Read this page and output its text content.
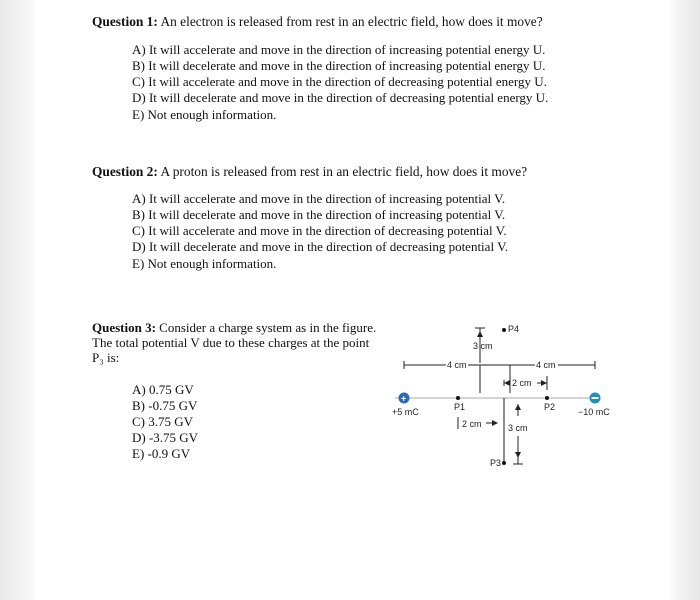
Question 1: An electron is released from rest in an electric field, how does it move?
A) It will accelerate and move in the direction of increasing potential energy U.
B) It will decelerate and move in the direction of increasing potential energy U.
C) It will accelerate and move in the direction of decreasing potential energy U.
D) It will decelerate and move in the direction of decreasing potential energy U.
E) Not enough information.
Question 2: A proton is released from rest in an electric field, how does it move?
A) It will accelerate and move in the direction of increasing potential V.
B) It will decelerate and move in the direction of increasing potential V.
C) It will accelerate and move in the direction of decreasing potential V.
D) It will decelerate and move in the direction of decreasing potential V.
E) Not enough information.
Question 3: Consider a charge system as in the figure.
The total potential V due to these charges at the point
P₃ is:
A) 0.75 GV
B) -0.75 GV
C) 3.75 GV
D) -3.75 GV
E) -0.9 GV
3 cm
P4
4 cm	4 cm
2 cm
+
+5 mC	−10 mC
P1	P2
2 cm	3 cm
P3
